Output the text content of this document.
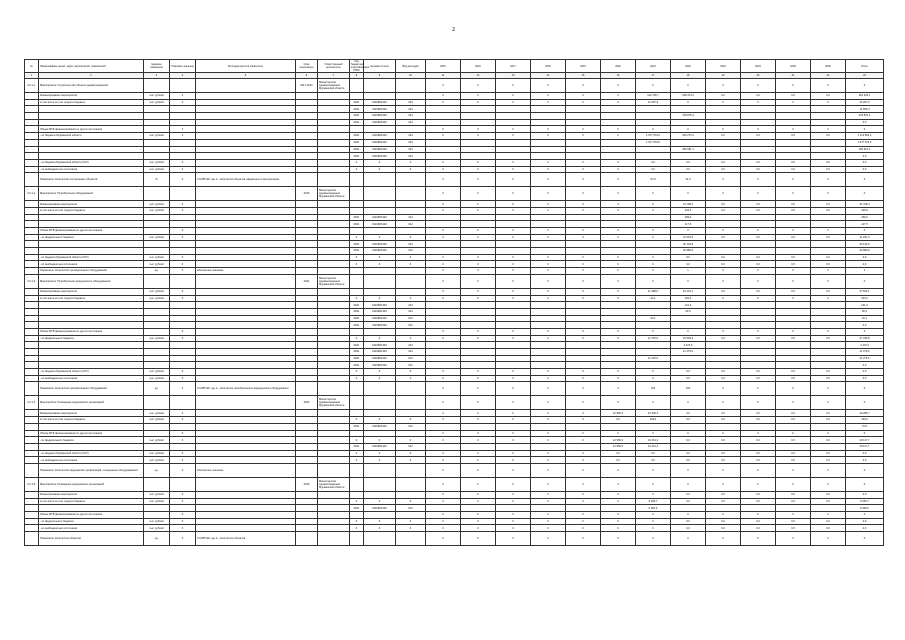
2
№	Наименование целей, задач, мероприятий, показателей	Единица измерения	Плановое значение	Методика расчета показателя	Срок реализации	Ответственный исполнитель	Код бюджетной классификации: ГРБС	Целевая статья	Вид расходов	2015	2016	2017	2018	2019	2020	2021	2022	2023	2024	2025	2026	Итого
1	2	3	4	5	6	7	8	9	10	11	12	13	14	15	16	17	18	19	20	21	22	23
3.2.1.1.	Мероприятие 'Строительство объекта здравоохранения'				2017-2022	Министерство здравоохранения Мурманской области				0	0	0	0	0	0	0	0	0	0	0	0	0
	Финансирование мероприятия	тыс. рублей	0							0	0	0	0	0	0	142 728,7	238 474,4	0,0	0,0	0,0	0,0	381 203,1
	в том числе за счет средств бюджета	тыс. рублей	0				0921	01106R1340	244	0	0	0	0	0	0	12 457,9	0	0	0	0	0	12 457,9
							0921	01106R1340	244													14 856,3
							0921	01106R1340	244								478 875,4					478 875,4
							0921	01106R1340	244													0,0
	Объем МТБ финансирования из других источников		0							0	0	0	0	0	0	0	0	0	0	0	0	0
	- из бюджета Мурманской области	тыс. рублей	0				0921	01106R1340	244	0	0	0	0	0	0	1 077 579,9	236 274,4	0,0	0,0	0,0	0,0	1 313 854,3
							0921	01106R1340	244							1 077 579,9						1 077 579,9
							0921	01106R1340	244								186 961,1					186 961,1
							0921	01106R1340	244													0,0
	- из бюджета Мурманской области (ГКУ)	тыс. рублей	0				0	0	0	0	0	0	0	0	0	0,0	0,0	0,0	0,0	0,0	0,0	0,0
	- из внебюджетных источников	тыс. рублей	0				0	0	0	0	0	0	0	0	0	0,0	0,0	0,0	0,0	0,0	0,0	0,0
	Показатель 'Количество построенных объектов'	%	0	Х=А/В*100, где А - количество объектов, введенных в эксплуатацию						0	0	0	0	0	0	67,8	32,4	0	0	0	0	0
3.2.1.2.	Мероприятие 'Приобретение оборудования'				2019	Министерство здравоохранения Мурманской области				0	0	0	0	0	0	0	0	0	0	0	0	0
	Финансирование мероприятия	тыс. рублей	0							0	0	0	0	0	0	0	31 708,4	0,0	0,0	0,0	0,0	31 708,4
	в том числе за счет средств бюджета	тыс. рублей	0							0	0	0	0	0	0	0	416,5	0,0	0,0	0,0	0,0	416,5
							0921	01106R1340	244								299,0					299,0
							0921	01106R1340	612								117,5					117,5
	Объем МТБ финансирования из других источников		0							0	0	0	0	0	0	0	0	0	0	0	0	0
	- из федерального бюджета	тыс. рублей	0				0	0	0	0	0	0	0	0	0	0	41 291,9	0,0	0,0	0,0	0,0	41 291,9
							0921	01106R1340	244								30 124,8					30 124,8
							0921	01106R1340	612								40 980,6					40 980,6
	- из бюджета Мурманской области (ГКУ)	тыс. рублей	0				0	0	0	0	0	0	0	0	0	0	0,0	0,0	0,0	0,0	0,0	0,0
	- из внебюджетных источников	тыс. рублей	0				0	0	0	0	0	0	0	0	0	0	0,0	0,0	0,0	0,0	0,0	0,0
	Показатель 'Количество приобретенного оборудования'	ед.	0	абсолютное значение						0	0	0	0	0	0	0	1	0	0	0	0	1
3.2.1.3.	Мероприятие 'Приобретение медицинского оборудования'				2021	Министерство здравоохранения Мурманской области				0	0	0	0	0	0	0	0	0	0	0	0	0
	Финансирование мероприятия	тыс. рублей	0							0	0	0	0	0	0	11 398,0	16 131,1	0,0	0,0	0,0	0,0	27 529,1
	в том числе за счет средств бюджета	тыс. рублей	0				0	0	0	0	0	0	0	0	0	22,1	181,2	0	0	0	0	203,3
							0921	01106R1340	244								121,2					121,2
							0921	01106R1340	244								60,0					60,0
							0921	01106R1340	612							22,1						22,1
							0921	01106R1340	612													0,0
	Объем МТБ финансирования из других источников		0							0	0	0	0	0	0	0	0	0	0	0	0	0
	- из федерального бюджета	тыс. рублей	0				0	0	0	0	0	0	0	0	0	11 375,9	15 949,9	0,0	0,0	0,0	0,0	27 325,8
							0921	01106R1340	244								4 470,3					4 470,3
							0921	01106R1340	244								11 479,6					11 479,6
							0921	01106R1340	612							11 375,9						11 375,9
							0921	01106R1340	612													0,0
	- из бюджета Мурманской области (ГКУ)	тыс. рублей	0				0	0	0	0	0	0	0	0	0	0	0,0	0,0	0,0	0,0	0,0	0,0
	- из внебюджетных источников	тыс. рублей	0				0	0	0	0	0	0	0	0	0	0	0,0	0,0	0,0	0,0	0,0	0,0
	Показатель 'Количество приобретенного оборудования'	ед.	0	Х=А/В*100, где А - количество приобретенного медицинского оборудования						0	0	0	0	0	0	100	100	0	0	0	0	0
3.2.1.4.	Мероприятие 'Оснащение медицинских организаций'				2020	Министерство здравоохранения Мурманской области				0	0	0	0	0	0	0	0	0	0	0	0	0
	Финансирование мероприятия	тыс. рублей	0							0	0	0	0	0	12 956,3	16 330,4	0,0	0,0	0,0	0,0	0,0	29 286,7
	в том числе за счет средств бюджета	тыс. рублей	0				0	0	0	0	0	0	0	0	0,0	169,0	0,0	0,0	0,0	0,0	0,0	169,0
							0921	01106R1340	612													70,0
	Объем МТБ финансирования из других источников		0							0	0	0	0	0	0	0	0	0	0	0	0	0
	- из федерального бюджета	тыс. рублей	0				0	0	0	0	0	0	0	0	12 956,3	16 161,4	0,0	0,0	0,0	0,0	0,0	29 117,7
							0921	01106R1340	612						12 956,3	16 161,4						29 117,7
	- из бюджета Мурманской области (ГКУ)	тыс. рублей	0				0	0	0	0	0	0	0	0	0,0	0,0	0,0	0,0	0,0	0,0	0,0	0,0
	- из внебюджетных источников	тыс. рублей	0				0	0	0	0	0	0	0	0	0,0	0,0	0,0	0,0	0,0	0,0	0,0	0,0
	Показатель 'Количество медицинских организаций, оснащенных оборудованием'	ед.	0	абсолютное значение						0	0	0	0	0	0	0	0	0	0	0	0	0
3.2.1.5.	Мероприятие 'Оснащение медицинских организаций'				2019	Министерство здравоохранения Мурманской области				0	0	0	0	0	0	0	0	0	0	0	0	0
	Финансирование мероприятия	тыс. рублей	0							0	0	0	0	0	0	0	0,0	0,0	0,0	0,0	0,0	0,0
	в том числе за счет средств бюджета	тыс. рублей	0				0	0	0	0	0	0	0	0	0	9 935,7	0,0	0,0	0,0	0,0	0,0	9 935,7
							0921	01106R1340	612							5 965,0						5 965,0
	Объем МТБ финансирования из других источников		0							0	0	0	0	0	0	0	0	0	0	0	0	0
	- из федерального бюджета	тыс. рублей	0				0	0	0	0	0	0	0	0	0	0	0,0	0,0	0,0	0,0	0,0	0,0
	- из внебюджетных источников	тыс. рублей	0				0	0	0	0	0	0	0	0	0	0	0,0	0,0	0,0	0,0	0,0	0,0
	Показатель 'Количество объектов'	ед.	0	Х=А/В*100, где А - количество объектов						0	0	0	0	0	0	0	0	0	0	0	0	0
